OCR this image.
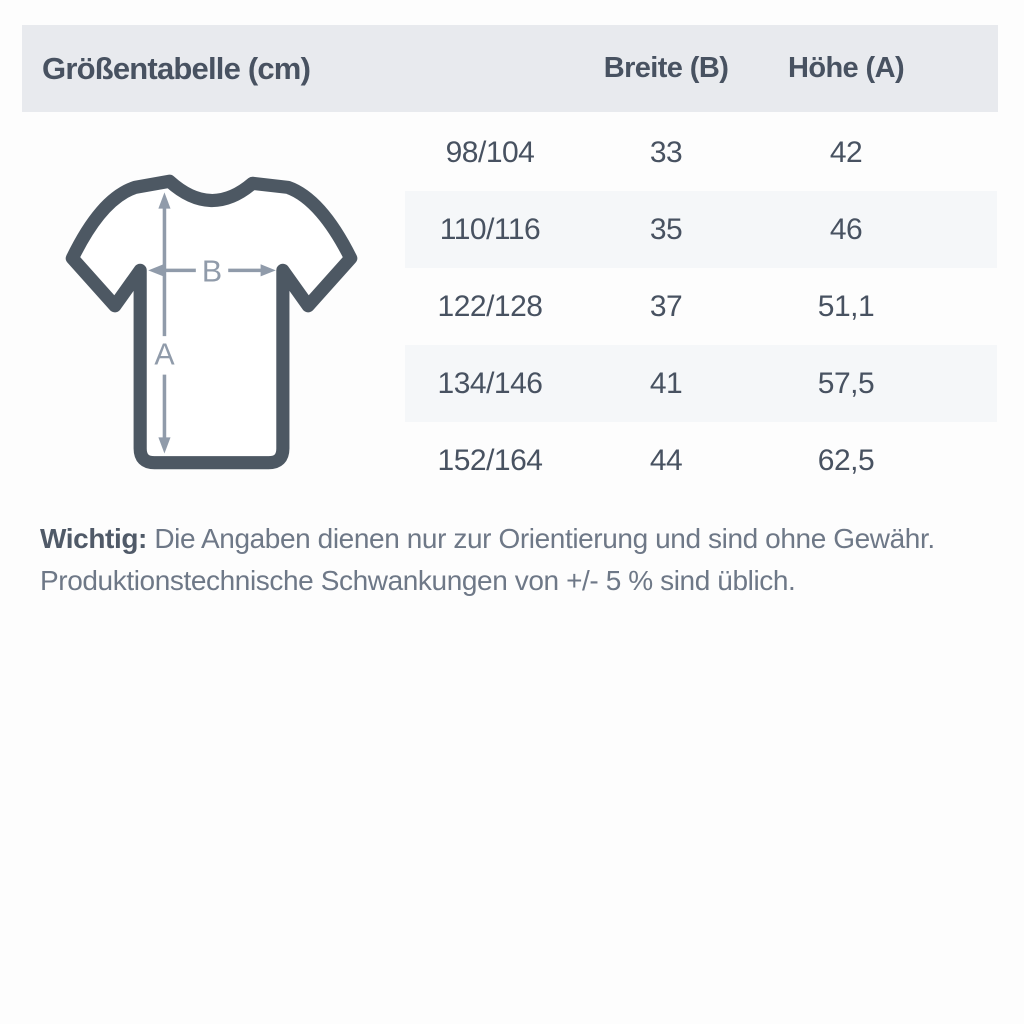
Größentabelle (cm)	Breite (B)	Höhe (A)
98/104	33	42
110/116	35	46
122/128	37	51,1
134/146	41	57,5
152/164	44	62,5
A
B
Wichtig: Die Angaben dienen nur zur Orientierung und sind ohne Gewähr.
Produktionstechnische Schwankungen von +/- 5 % sind üblich.
